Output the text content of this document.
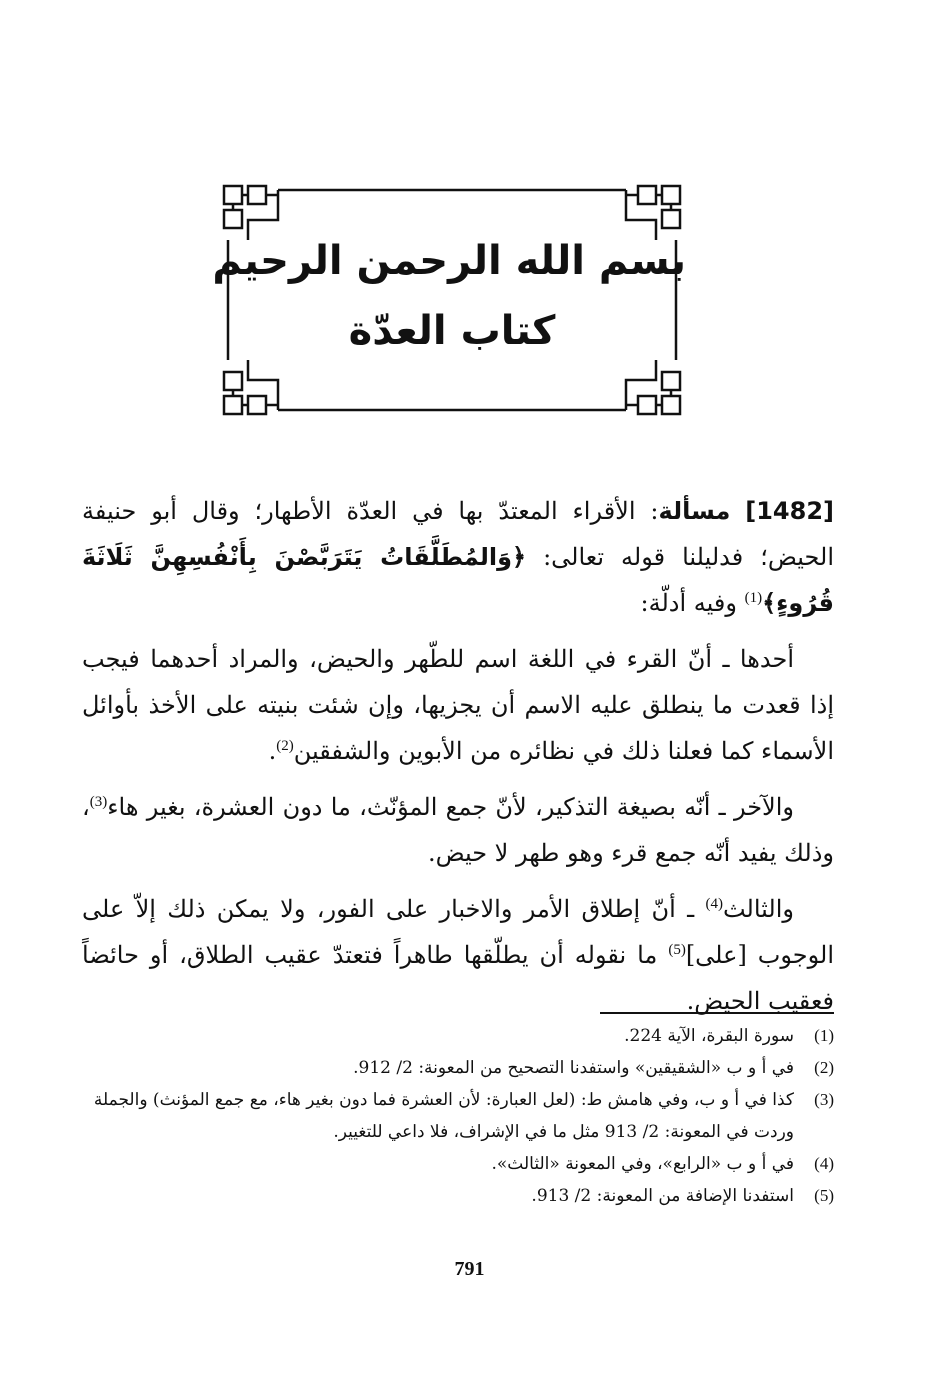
بسم الله الرحمن الرحيم
كتاب العدّة

[1482] مسألة: الأقراء المعتدّ بها في العدّة الأطهار؛ وقال أبو حنيفة الحيض؛ فدليلنا قوله تعالى: ﴿وَالمُطَلَّقَاتُ يَتَرَبَّصْنَ بِأَنْفُسِهِنَّ ثَلَاثَةَ قُرُوءٍ﴾$^{(1)}$ وفيه أدلّة:

أحدها ـ أنّ القرء في اللغة اسم للطّهر والحيض، والمراد أحدهما فيجب إذا قعدت ما ينطلق عليه الاسم أن يجزيها، وإن شئت بنيته على الأخذ بأوائل الأسماء كما فعلنا ذلك في نظائره من الأبوين والشفقين$^{(2)}$.

والآخر ـ أنّه بصيغة التذكير، لأنّ جمع المؤنّث، ما دون العشرة، بغير هاء$^{(3)}$، وذلك يفيد أنّه جمع قرء وهو طهر لا حيض.

والثالث$^{(4)}$ ـ أنّ إطلاق الأمر والاخبار على الفور، ولا يمكن ذلك إلاّ على الوجوب [على]$^{(5)}$ ما نقوله أن يطلّقها طاهراً فتعتدّ عقيب الطلاق، أو حائضاً فعقيب الحيض.

(1)
سورة البقرة، الآية 224.
(2)
في أ و ب «الشقيقين» واستفدنا التصحيح من المعونة: 2/ 912.
(3)
كذا في أ و ب، وفي هامش ط: (لعل العبارة: لأن العشرة فما دون بغير هاء، مع جمع المؤنث) والجملة وردت في المعونة: 2/ 913 مثل ما في الإشراف، فلا داعي للتغيير.
(4)
في أ و ب «الرابع»، وفي المعونة «الثالث».
(5)
استفدنا الإضافة من المعونة: 2/ 913.
791
